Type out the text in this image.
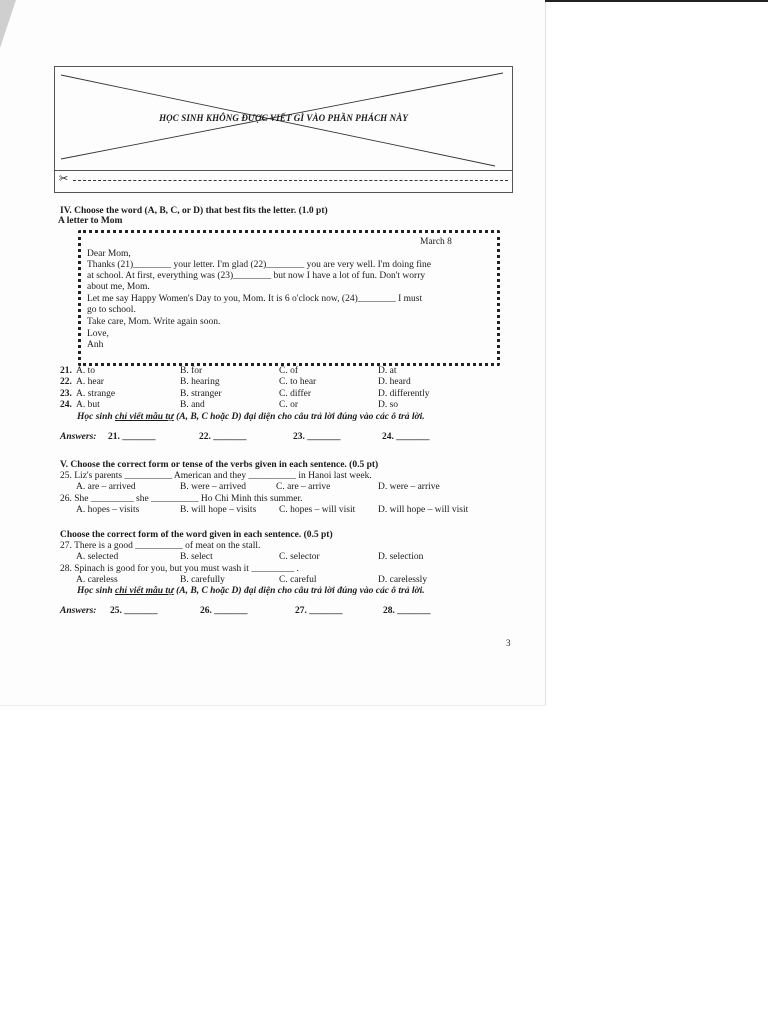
HỌC SINH KHÔNG ĐƯỢC VIẾT GÌ VÀO PHẦN PHÁCH NÀY
✂
IV. Choose the word (A, B, C, or D) that best fits the letter. (1.0 pt)
A letter to Mom
March 8
Dear Mom,
Thanks (21)________ your letter. I'm glad (22)________ you are very well. I'm doing fine
at school. At first, everything was (23)________ but now I have a lot of fun. Don't worry
about me, Mom.
Let me say Happy Women's Day to you, Mom. It is 6 o'clock now, (24)________ I must
go to school.
Take care, Mom. Write again soon.
Love,
Anh
21. A. to	B. for	C. of	D. at
22. A. hear	B. hearing	C. to hear	D. heard
23. A. strange	B. stranger	C. differ	D. differently
24. A. but	B. and	C. or	D. so
Học sinh chỉ viết mẫu tự (A, B, C hoặc D) đại diện cho câu trả lời đúng vào các ô trả lời.
Answers: 21. _______	22. _______	23. _______	24. _______
V. Choose the correct form or tense of the verbs given in each sentence. (0.5 pt)
25. Liz's parents __________ American and they __________ in Hanoi last week.
A. are – arrived	B. were – arrived	C. are – arrive	D. were – arrive
26. She _________ she __________ Ho Chi Minh this summer.
A. hopes – visits	B. will hope – visits C. hopes – will visit D. will hope – will visit
Choose the correct form of the word given in each sentence. (0.5 pt)
27. There is a good __________ of meat on the stall.
A. selected	B. select	C. selector	D. selection
28. Spinach is good for you, but you must wash it _________ .
A. careless	B. carefully	C. careful	D. carelessly
Học sinh chỉ viết mẫu tự (A, B, C hoặc D) đại diện cho câu trả lời đúng vào các ô trả lời.
Answers: 25. _______	26. _______	27. _______	28. _______
3
